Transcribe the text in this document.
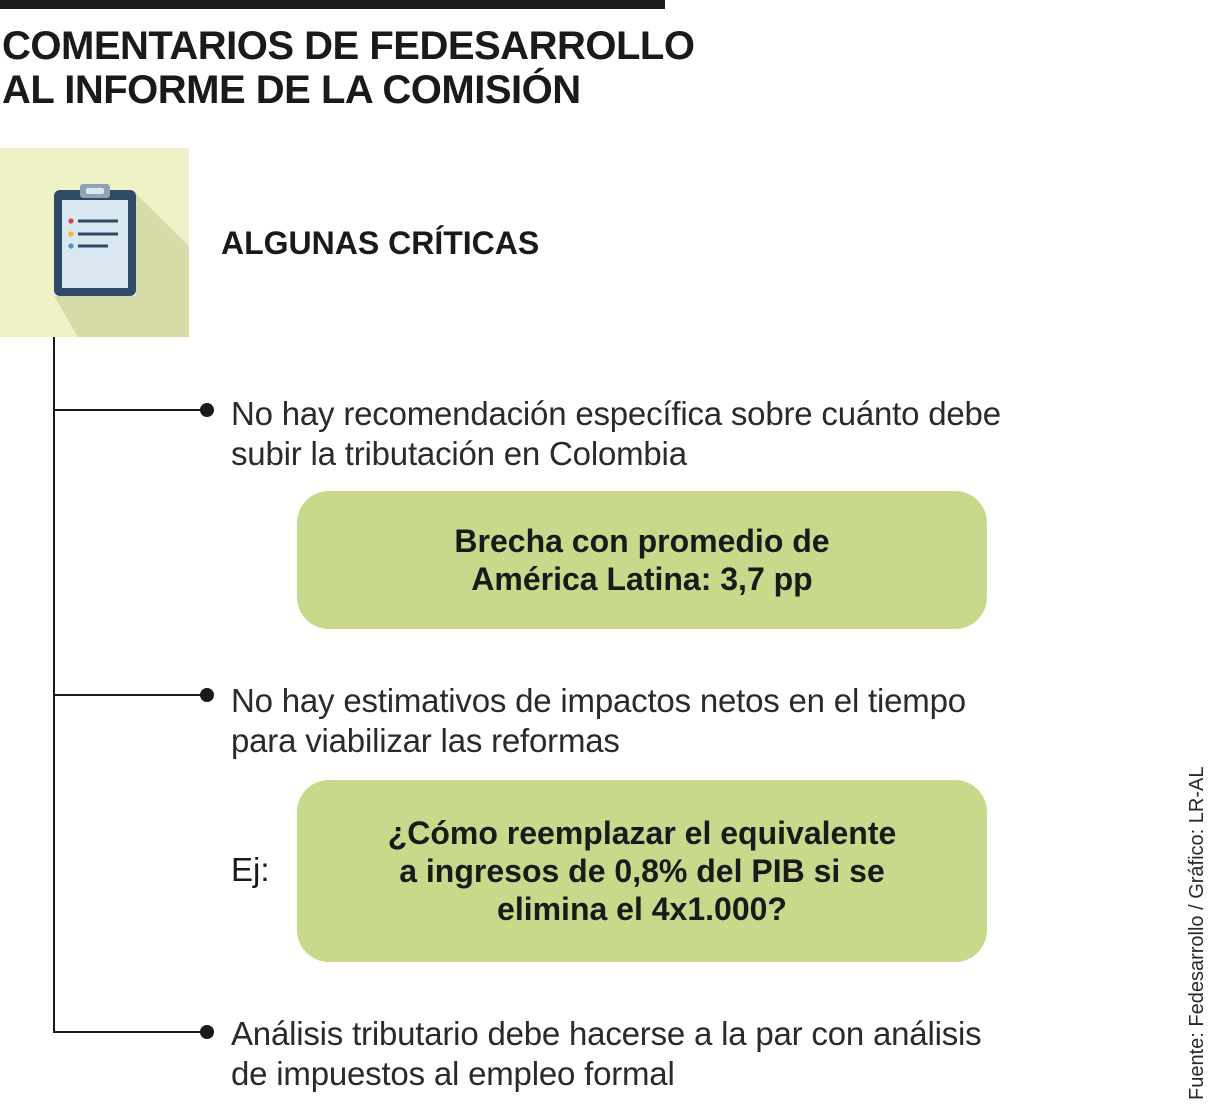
COMENTARIOS DE FEDESARROLLO
AL INFORME DE LA COMISIÓN
ALGUNAS CRÍTICAS
No hay recomendación específica sobre cuánto debe
subir la tributación en Colombia
Brecha con promedio de
América Latina: 3,7 pp
No hay estimativos de impactos netos en el tiempo
para viabilizar las reformas
Ej:
¿Cómo reemplazar el equivalente
a ingresos de 0,8% del PIB si se
elimina el 4x1.000?
Análisis tributario debe hacerse a la par con análisis
de impuestos al empleo formal	Fuente: Fedesarrollo / Gráfico: LR-AL
